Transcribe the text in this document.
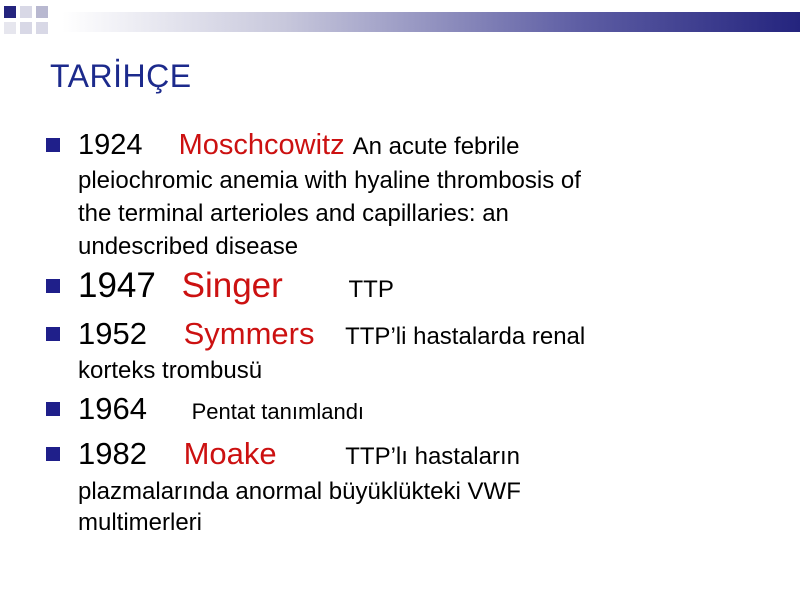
TARİHÇE
1924 Moschcowitz An acute febrile
pleiochromic anemia with hyaline thrombosis of
the terminal arterioles and capillaries: an
undescribed disease
1947 Singer	TTP
1952 Symmers TTP’li hastalarda renal
korteks trombusü
1964 Pentat tanımlandı
1982 Moake	TTP’lı hastaların
plazmalarında anormal büyüklükteki VWF
multimerleri
